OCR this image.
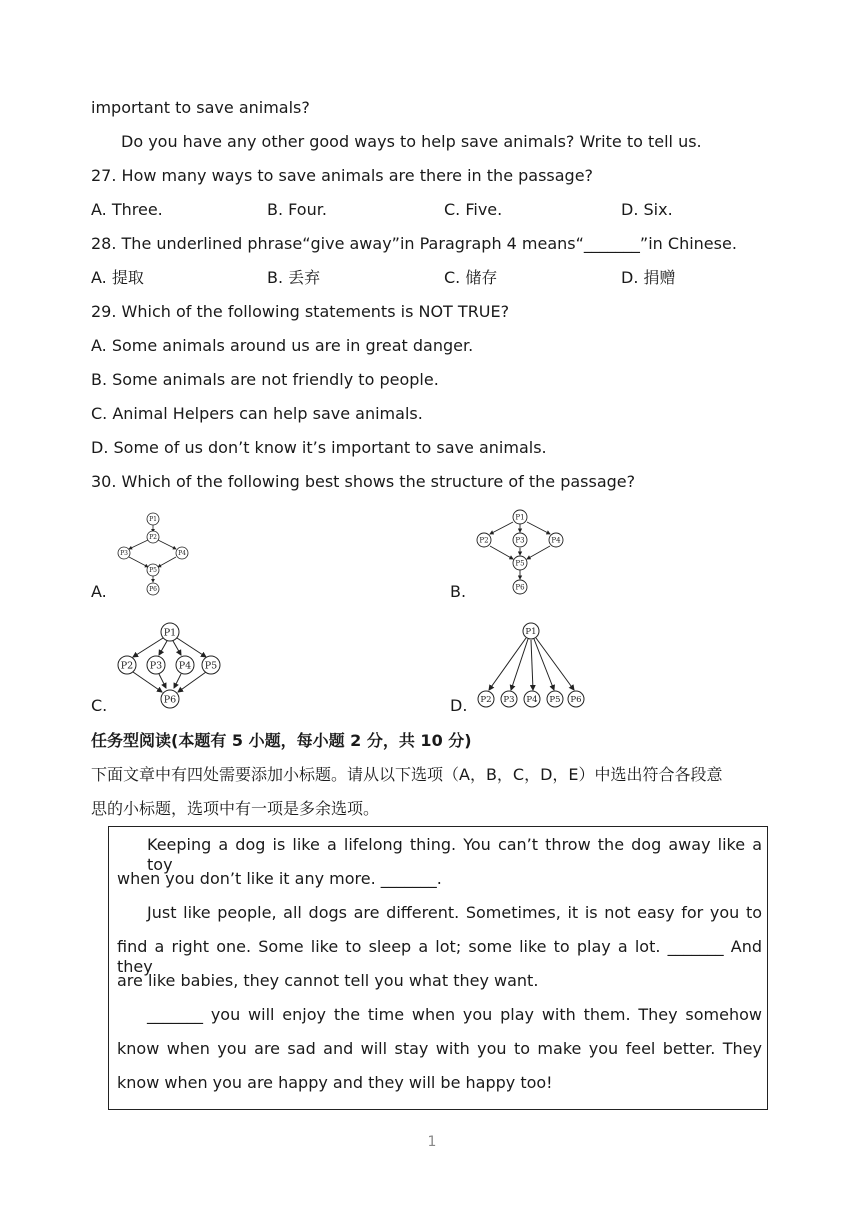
important to save animals?
Do you have any other good ways to help save animals? Write to tell us.
27. How many ways to save animals are there in the passage?
A. Three.	B. Four.	C. Five.	D. Six.
28. The underlined phrase“give away”in Paragraph 4 means“_______”in Chinese.
A. 提取	B. 丢弃	C. 储存	D. 捐赠
29. Which of the following statements is NOT TRUE?
A. Some animals around us are in great danger.
B. Some animals are not friendly to people.
C. Animal Helpers can help save animals.
D. Some of us don’t know it’s important to save animals.
30. Which of the following best shows the structure of the passage?
A.
P1
P2
P3	P4
P5
P6	B.
P1
P2	P3	P4
P5
P6
C.
P1
P2 P3 P4 P5
P6	D.
P1
P2 P3 P4 P5 P6
任务型阅读(本题有 5 小题，每小题 2 分，共 10 分)
下面文章中有四处需要添加小标题。请从以下选项（A，B，C，D，E）中选出符合各段意
思的小标题，选项中有一项是多余选项。
Keeping a dog is like a lifelong thing. You can’t throw the dog away like a toy
when you don’t like it any more. _______.
Just like people, all dogs are different. Sometimes, it is not easy for you to
find a right one. Some like to sleep a lot; some like to play a lot. _______ And they
are like babies, they cannot tell you what they want.
_______ you will enjoy the time when you play with them. They somehow
know when you are sad and will stay with you to make you feel better. They
know when you are happy and they will be happy too!
1
